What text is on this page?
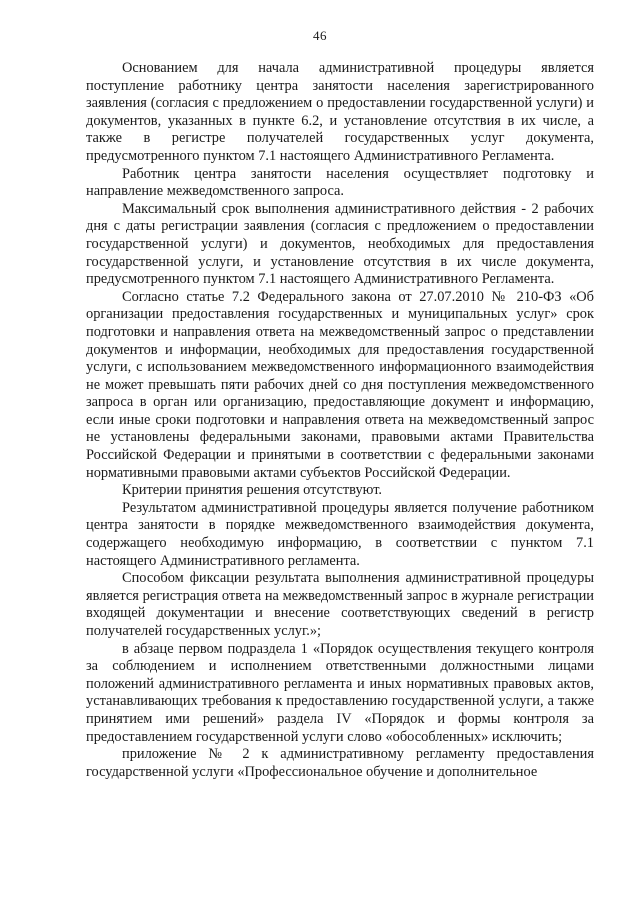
46

Основанием для начала административной процедуры является поступление работнику центра занятости населения зарегистрированного заявления (согласия с предложением о предоставлении государственной услуги) и документов, указанных в пункте 6.2, и установление отсутствия в их числе, а также в регистре получателей государственных услуг документа, предусмотренного пунктом 7.1 настоящего Административного Регламента.

Работник центра занятости населения осуществляет подготовку и направление межведомственного запроса.

Максимальный срок выполнения административного действия - 2 рабочих дня с даты регистрации заявления (согласия с предложением о предоставлении государственной услуги) и документов, необходимых для предоставления государственной услуги, и установление отсутствия в их числе документа, предусмотренного пунктом 7.1 настоящего Административного Регламента.

Согласно статье 7.2 Федерального закона от 27.07.2010 № 210-ФЗ «Об организации предоставления государственных и муниципальных услуг» срок подготовки и направления ответа на межведомственный запрос о представлении документов и информации, необходимых для предоставления государственной услуги, с использованием межведомственного информационного взаимодействия не может превышать пяти рабочих дней со дня поступления межведомственного запроса в орган или организацию, предоставляющие документ и информацию, если иные сроки подготовки и направления ответа на межведомственный запрос не установлены федеральными законами, правовыми актами Правительства Российской Федерации и принятыми в соответствии с федеральными законами нормативными правовыми актами субъектов Российской Федерации.

Критерии принятия решения отсутствуют.

Результатом административной процедуры является получение работником центра занятости в порядке межведомственного взаимодействия документа, содержащего необходимую информацию, в соответствии с пунктом 7.1 настоящего Административного регламента.

Способом фиксации результата выполнения административной процедуры является регистрация ответа на межведомственный запрос в журнале регистрации входящей документации и внесение соответствующих сведений в регистр получателей государственных услуг.»;

в абзаце первом подраздела 1 «Порядок осуществления текущего контроля за соблюдением и исполнением ответственными должностными лицами положений административного регламента и иных нормативных правовых актов, устанавливающих требования к предоставлению государственной услуги, а также принятием ими решений» раздела IV «Порядок и формы контроля за предоставлением государственной услуги слово «обособленных» исключить;

приложение № 2 к административному регламенту предоставления государственной услуги «Профессиональное обучение и дополнительное
